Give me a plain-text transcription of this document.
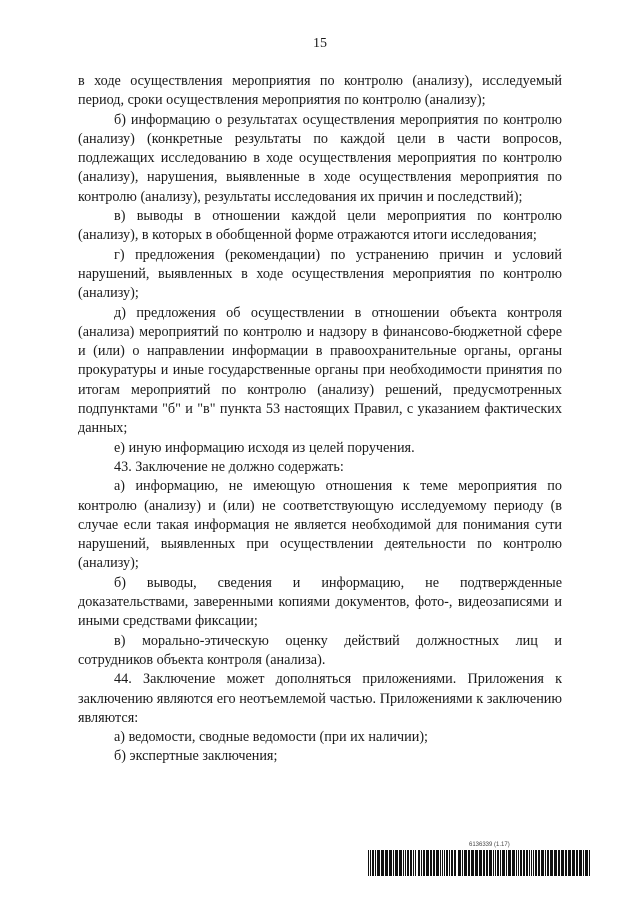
15

в ходе осуществления мероприятия по контролю (анализу), исследуемый период, сроки осуществления мероприятия по контролю (анализу);

б) информацию о результатах осуществления мероприятия по контролю (анализу) (конкретные результаты по каждой цели в части вопросов, подлежащих исследованию в ходе осуществления мероприятия по контролю (анализу), нарушения, выявленные в ходе осуществления мероприятия по контролю (анализу), результаты исследования их причин и последствий);

в) выводы в отношении каждой цели мероприятия по контролю (анализу), в которых в обобщенной форме отражаются итоги исследования;

г) предложения (рекомендации) по устранению причин и условий нарушений, выявленных в ходе осуществления мероприятия по контролю (анализу);

д) предложения об осуществлении в отношении объекта контроля (анализа) мероприятий по контролю и надзору в финансово-бюджетной сфере и (или) о направлении информации в правоохранительные органы, органы прокуратуры и иные государственные органы при необходимости принятия по итогам мероприятий по контролю (анализу) решений, предусмотренных подпунктами "б" и "в" пункта 53 настоящих Правил, с указанием фактических данных;

е) иную информацию исходя из целей поручения.

43. Заключение не должно содержать:

а) информацию, не имеющую отношения к теме мероприятия по контролю (анализу) и (или) не соответствующую исследуемому периоду (в случае если такая информация не является необходимой для понимания сути нарушений, выявленных при осуществлении деятельности по контролю (анализу);

б) выводы, сведения и информацию, не подтвержденные доказательствами, заверенными копиями документов, фото-, видеозаписями и иными средствами фиксации;

в) морально-этическую оценку действий должностных лиц и сотрудников объекта контроля (анализа).

44. Заключение может дополняться приложениями. Приложения к заключению являются его неотъемлемой частью. Приложениями к заключению являются:

а) ведомости, сводные ведомости (при их наличии);

б) экспертные заключения;

6136339 (1.17)
